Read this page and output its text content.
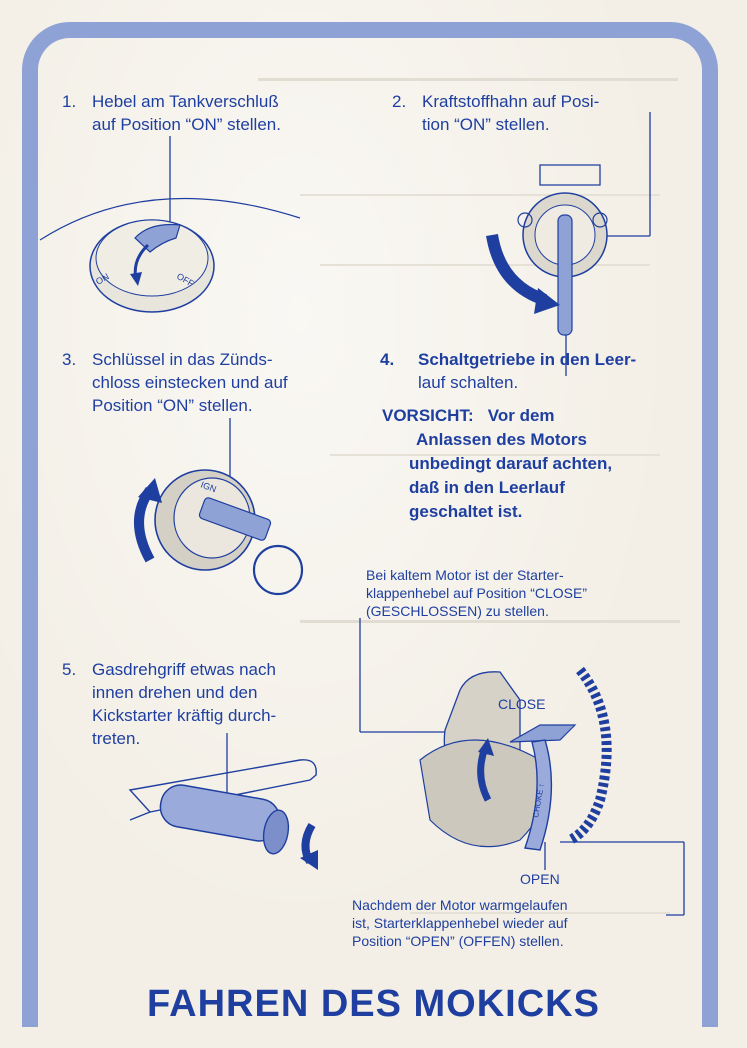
1. Hebel am Tankverschluß
auf Position “ON” stellen.
2. Kraftstoffhahn auf Posi-
tion “ON” stellen.
3. Schlüssel in das Zünds-
chloss einstecken und auf
Position “ON” stellen.
4. Schaltgetriebe in den Leer-
lauf schalten.
VORSICHT: Vor dem
Anlassen des Motors
unbedingt darauf achten,
daß in den Leerlauf
geschaltet ist.
Bei kaltem Motor ist der Starter-
klappenhebel auf Position “CLOSE”
(GESCHLOSSEN) zu stellen.
5. Gasdrehgriff etwas nach
innen drehen und den
Kickstarter kräftig durch-
treten.
Nachdem der Motor warmgelaufen
ist, Starterklappenhebel wieder auf
Position “OPEN” (OFFEN) stellen.
ON	OFF
IGN
CLOSE
OPEN
CHOKE ↑
FAHREN DES MOKICKS
